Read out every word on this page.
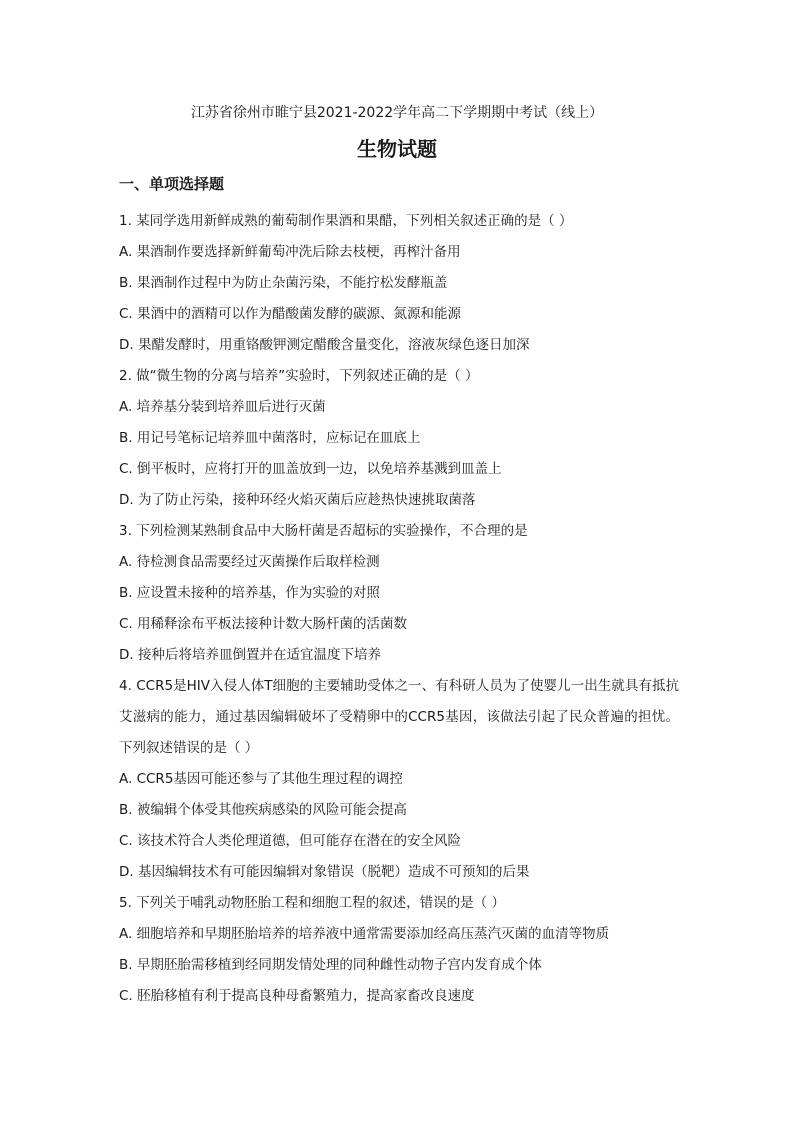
江苏省徐州市睢宁县2021-2022学年高二下学期期中考试（线上）
生物试题
一、单项选择题
1. 某同学选用新鲜成熟的葡萄制作果酒和果醋，下列相关叙述正确的是（ ）
A. 果酒制作要选择新鲜葡萄冲洗后除去枝梗，再榨汁备用
B. 果酒制作过程中为防止杂菌污染，不能拧松发酵瓶盖
C. 果酒中的酒精可以作为醋酸菌发酵的碳源、氮源和能源
D. 果醋发酵时，用重铬酸钾测定醋酸含量变化，溶液灰绿色逐日加深
2. 做“微生物的分离与培养”实验时，下列叙述正确的是（ ）
A. 培养基分装到培养皿后进行灭菌
B. 用记号笔标记培养皿中菌落时，应标记在皿底上
C. 倒平板时，应将打开的皿盖放到一边，以免培养基溅到皿盖上
D. 为了防止污染，接种环经火焰灭菌后应趁热快速挑取菌落
3. 下列检测某熟制食品中大肠杆菌是否超标的实验操作，不合理的是
A. 待检测食品需要经过灭菌操作后取样检测
B. 应设置未接种的培养基，作为实验的对照
C. 用稀释涂布平板法接种计数大肠杆菌的活菌数
D. 接种后将培养皿倒置并在适宜温度下培养
4. CCR5是HIV入侵人体T细胞的主要辅助受体之一、有科研人员为了使婴儿一出生就具有抵抗艾滋病的能力，通过基因编辑破坏了受精卵中的CCR5基因，该做法引起了民众普遍的担忧。下列叙述错误的是（ ）
A. CCR5基因可能还参与了其他生理过程的调控
B. 被编辑个体受其他疾病感染的风险可能会提高
C. 该技术符合人类伦理道德，但可能存在潜在的安全风险
D. 基因编辑技术有可能因编辑对象错误（脱靶）造成不可预知的后果
5. 下列关于哺乳动物胚胎工程和细胞工程的叙述，错误的是（ ）
A. 细胞培养和早期胚胎培养的培养液中通常需要添加经高压蒸汽灭菌的血清等物质
B. 早期胚胎需移植到经同期发情处理的同种雌性动物子宫内发育成个体
C. 胚胎移植有利于提高良种母畜繁殖力，提高家畜改良速度
